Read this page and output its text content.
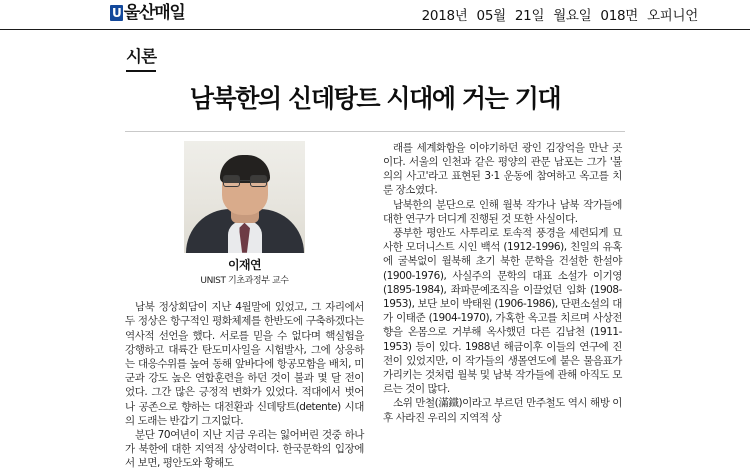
U 울산매일	2018년 05월 21일 월요일 018면 오피니언
시론
남북한의 신데탕트 시대에 거는 기대
이재연
UNIST 기초과정부 교수

남북 정상회담이 지난 4월말에 있었고, 그 자리에서 두 정상은 항구적인 평화체제를 한반도에 구축하겠다는 역사적 선언을 했다. 서로를 믿을 수 없다며 핵실험을 강행하고 대륙간 탄도미사일을 시험발사, 그에 상응하는 대응수위를 높여 동해 앞바다에 항공모함을 배치, 미군과 강도 높은 연합훈련을 하던 것이 불과 몇 달 전이었다. 그간 많은 긍정적 변화가 있었다. 적대에서 벗어나 공존으로 향하는 대전환과 신데탕트(detente) 시대의 도래는 반갑기 그지없다.

분단 70여년이 지난 지금 우리는 잃어버린 것중 하나가 북한에 대한 지역적 상상력이다. 한국문학의 입장에서 보면, 평안도와 황해도

래를 세계화함을 이야기하던 광인 김장억을 만난 곳이다. 서울의 인천과 같은 평양의 관문 남포는 그가 '불의의 사고'라고 표현된 3·1 운동에 참여하고 옥고를 치룬 장소였다.

남북한의 분단으로 인해 월북 작가나 남북 작가들에 대한 연구가 더디게 진행된 것 또한 사실이다.

풍부한 평안도 사투리로 토속적 풍경을 세련되게 묘사한 모더니스트 시인 백석 (1912-1996), 친일의 유혹에 굴복없이 월북해 초기 북한 문학을 건설한 한설야 (1900-1976), 사실주의 문학의 대표 소설가 이기영 (1895-1984), 좌파문예조직을 이끌었던 임화 (1908-1953), 보단 보이 박태원 (1906-1986), 단편소설의 대가 이태준 (1904-1970), 가혹한 옥고를 치르며 사상전향을 온몸으로 거부해 옥사했던 다른 김남천 (1911-1953) 등이 있다. 1988년 해금이후 이들의 연구에 진전이 있었지만, 이 작가들의 생몰연도에 붙은 물음표가 가리키는 것처럼 월북 및 남북 작가들에 관해 아직도 모르는 것이 많다.

소위 만철(滿鐵)이라고 부르던 만주철도 역시 해방 이후 사라진 우리의 지역적 상
